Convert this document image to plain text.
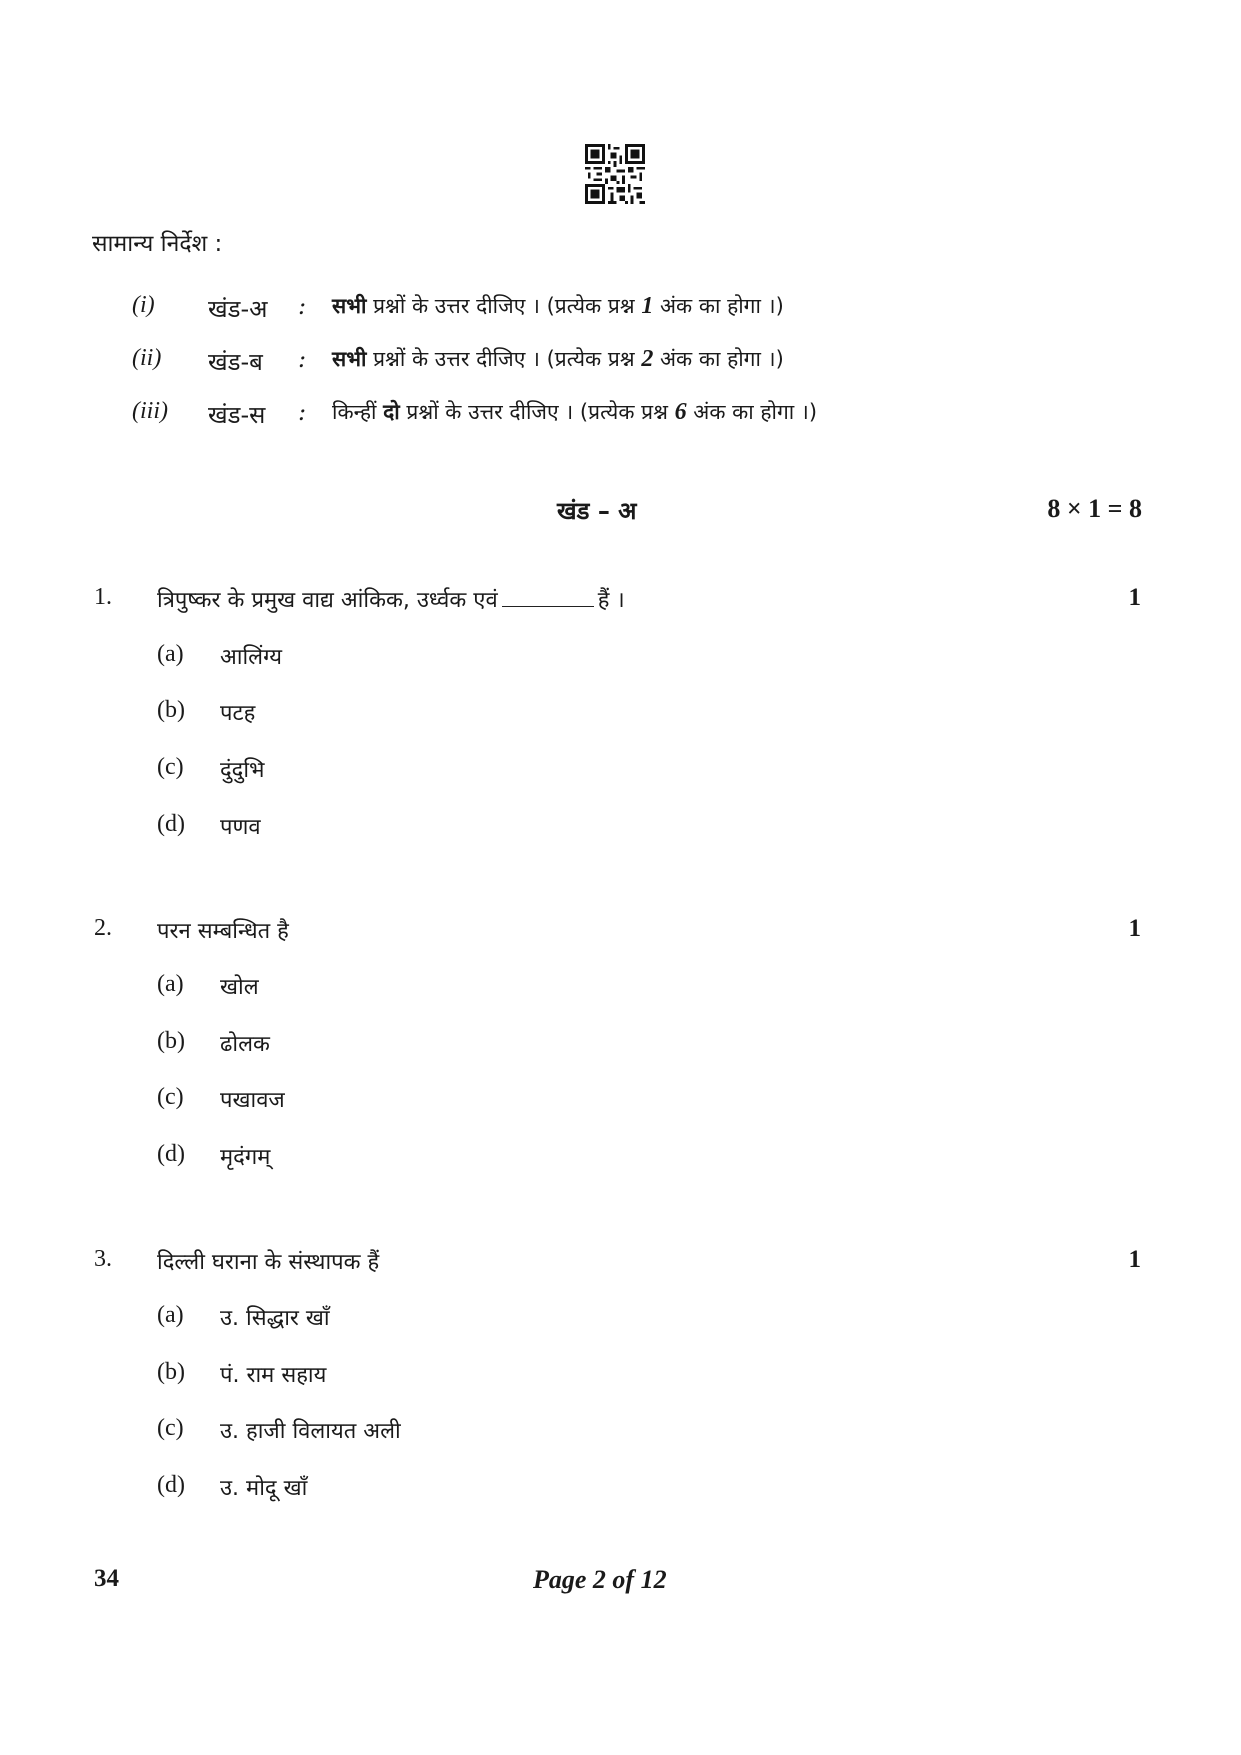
सामान्य निर्देश :
(i)	खंड-अ	:	सभी प्रश्नों के उत्तर दीजिए । (प्रत्येक प्रश्न 1 अंक का होगा ।)
(ii)	खंड-ब	:	सभी प्रश्नों के उत्तर दीजिए । (प्रत्येक प्रश्न 2 अंक का होगा ।)
(iii)	खंड-स	:	किन्हीं दो प्रश्नों के उत्तर दीजिए । (प्रत्येक प्रश्न 6 अंक का होगा ।)
खंड – अ	8 × 1 = 8
1. त्रिपुष्कर के प्रमुख वाद्य आंकिक, उर्ध्वक एवं	हैं ।	1
(a) आलिंग्य
(b) पटह
(c) दुंदुभि
(d) पणव
2. परन सम्बन्धित है	1
(a) खोल
(b) ढोलक
(c) पखावज
(d) मृदंगम्
3. दिल्ली घराना के संस्थापक हैं	1
(a) उ. सिद्धार खाँ
(b) पं. राम सहाय
(c) उ. हाजी विलायत अली
(d) उ. मोदू खाँ
34	Page 2 of 12
